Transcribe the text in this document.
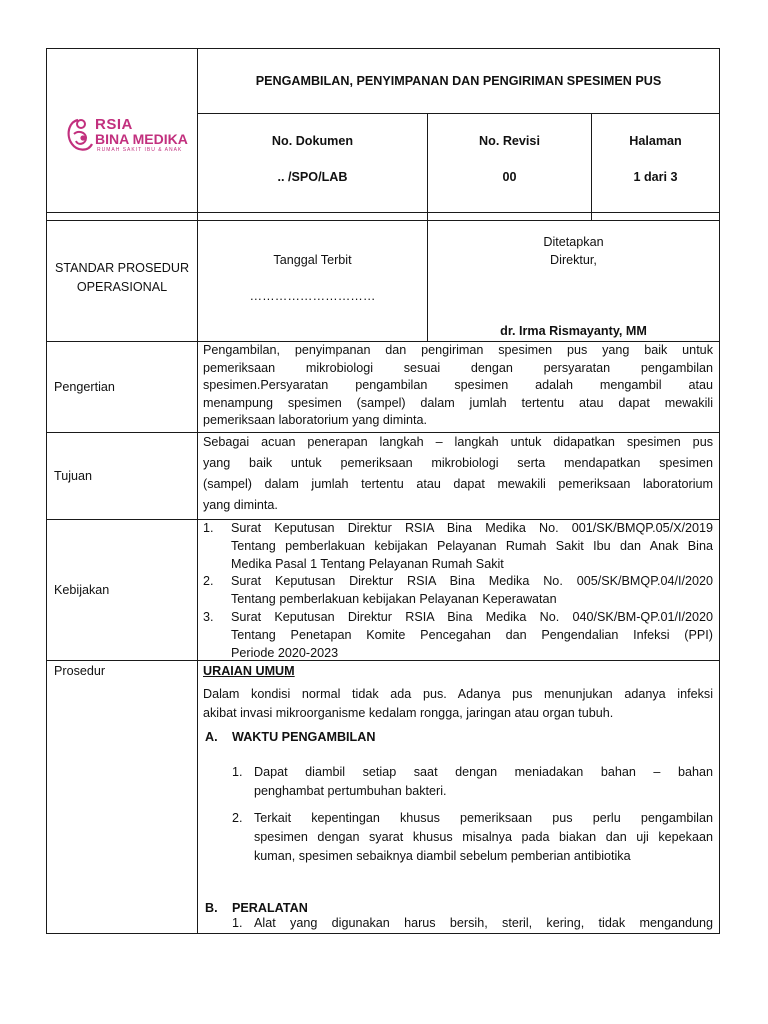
RSIA
BINA MEDIKA
RUMAH SAKIT IBU & ANAK
PENGAMBILAN, PENYIMPANAN DAN PENGIRIMAN SPESIMEN PUS
No. Dokumen
.. /SPO/LAB
No. Revisi
00
Halaman
1 dari 3
STANDAR PROSEDUR
OPERASIONAL
Tanggal Terbit
…………………………
Ditetapkan
Direktur,
dr. Irma Rismayanty, MM
Pengertian
Pengambilan, penyimpanan dan pengiriman spesimen pus yang baik untuk
pemeriksaan mikrobiologi sesuai dengan persyaratan pengambilan
spesimen.Persyaratan pengambilan spesimen adalah mengambil atau
menampung spesimen (sampel) dalam jumlah tertentu atau dapat mewakili
pemeriksaan laboratorium yang diminta.
Tujuan
Sebagai acuan penerapan langkah – langkah untuk didapatkan spesimen pus
yang baik untuk pemeriksaan mikrobiologi serta mendapatkan spesimen
(sampel) dalam jumlah tertentu atau dapat mewakili pemeriksaan laboratorium
yang diminta.
Kebijakan
1. Surat Keputusan Direktur RSIA Bina Medika No. 001/SK/BMQP.05/X/2019
Tentang pemberlakuan kebijakan Pelayanan Rumah Sakit Ibu dan Anak Bina
Medika Pasal 1 Tentang Pelayanan Rumah Sakit
2. Surat Keputusan Direktur RSIA Bina Medika No. 005/SK/BMQP.04/I/2020
Tentang pemberlakuan kebijakan Pelayanan Keperawatan
3. Surat Keputusan Direktur RSIA Bina Medika No. 040/SK/BM-QP.01/I/2020
Tentang Penetapan Komite Pencegahan dan Pengendalian Infeksi (PPI)
Periode 2020-2023
Prosedur	URAIAN UMUM
Dalam kondisi normal tidak ada pus. Adanya pus menunjukan adanya infeksi
akibat invasi mikroorganisme kedalam rongga, jaringan atau organ tubuh.
A. WAKTU PENGAMBILAN
1. Dapat diambil setiap saat dengan meniadakan bahan – bahan
penghambat pertumbuhan bakteri.
2. Terkait kepentingan khusus pemeriksaan pus perlu pengambilan
spesimen dengan syarat khusus misalnya pada biakan dan uji kepekaan
kuman, spesimen sebaiknya diambil sebelum pemberian antibiotika
B. PERALATAN
1. Alat yang digunakan harus bersih, steril, kering, tidak mengandung
